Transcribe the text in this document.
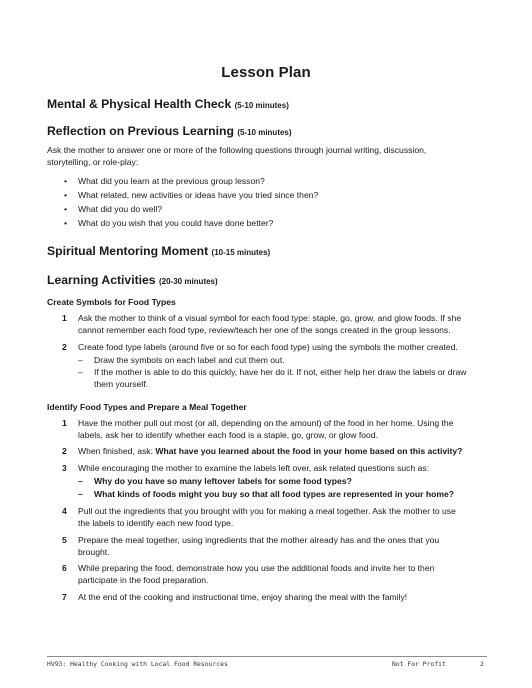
Lesson Plan
Mental & Physical Health Check (5-10 minutes)
Reflection on Previous Learning (5-10 minutes)
Ask the mother to answer one or more of the following questions through journal writing, discussion,
storytelling, or role-play:
• What did you learn at the previous group lesson?
• What related, new activities or ideas have you tried since then?
• What did you do well?
• What do you wish that you could have done better?
Spiritual Mentoring Moment (10-15 minutes)
Learning Activities (20-30 minutes)
Create Symbols for Food Types
1 Ask the mother to think of a visual symbol for each food type: staple, go, grow, and glow foods. If she
cannot remember each food type, review/teach her one of the songs created in the group lessons.
2 Create food type labels (around five or so for each food type) using the symbols the mother created.
– Draw the symbols on each label and cut them out.
– If the mother is able to do this quickly, have her do it. If not, either help her draw the labels or draw
them yourself.
Identify Food Types and Prepare a Meal Together
1 Have the mother pull out most (or all, depending on the amount) of the food in her home. Using the
labels, ask her to identify whether each food is a staple, go, grow, or glow food.
2 When finished, ask: What have you learned about the food in your home based on this activity?
3 While encouraging the mother to examine the labels left over, ask related questions such as:
– Why do you have so many leftover labels for some food types?
– What kinds of foods might you buy so that all food types are represented in your home?
4 Pull out the ingredients that you brought with you for making a meal together. Ask the mother to use
the labels to identify each new food type.
5 Prepare the meal together, using ingredients that the mother already has and the ones that you
brought.
6 While preparing the food, demonstrate how you use the additional foods and invite her to then
participate in the food preparation.
7 At the end of the cooking and instructional time, enjoy sharing the meal with the family!
HV93: Healthy Cooking with Local Food Resources	Not For Profit	2
